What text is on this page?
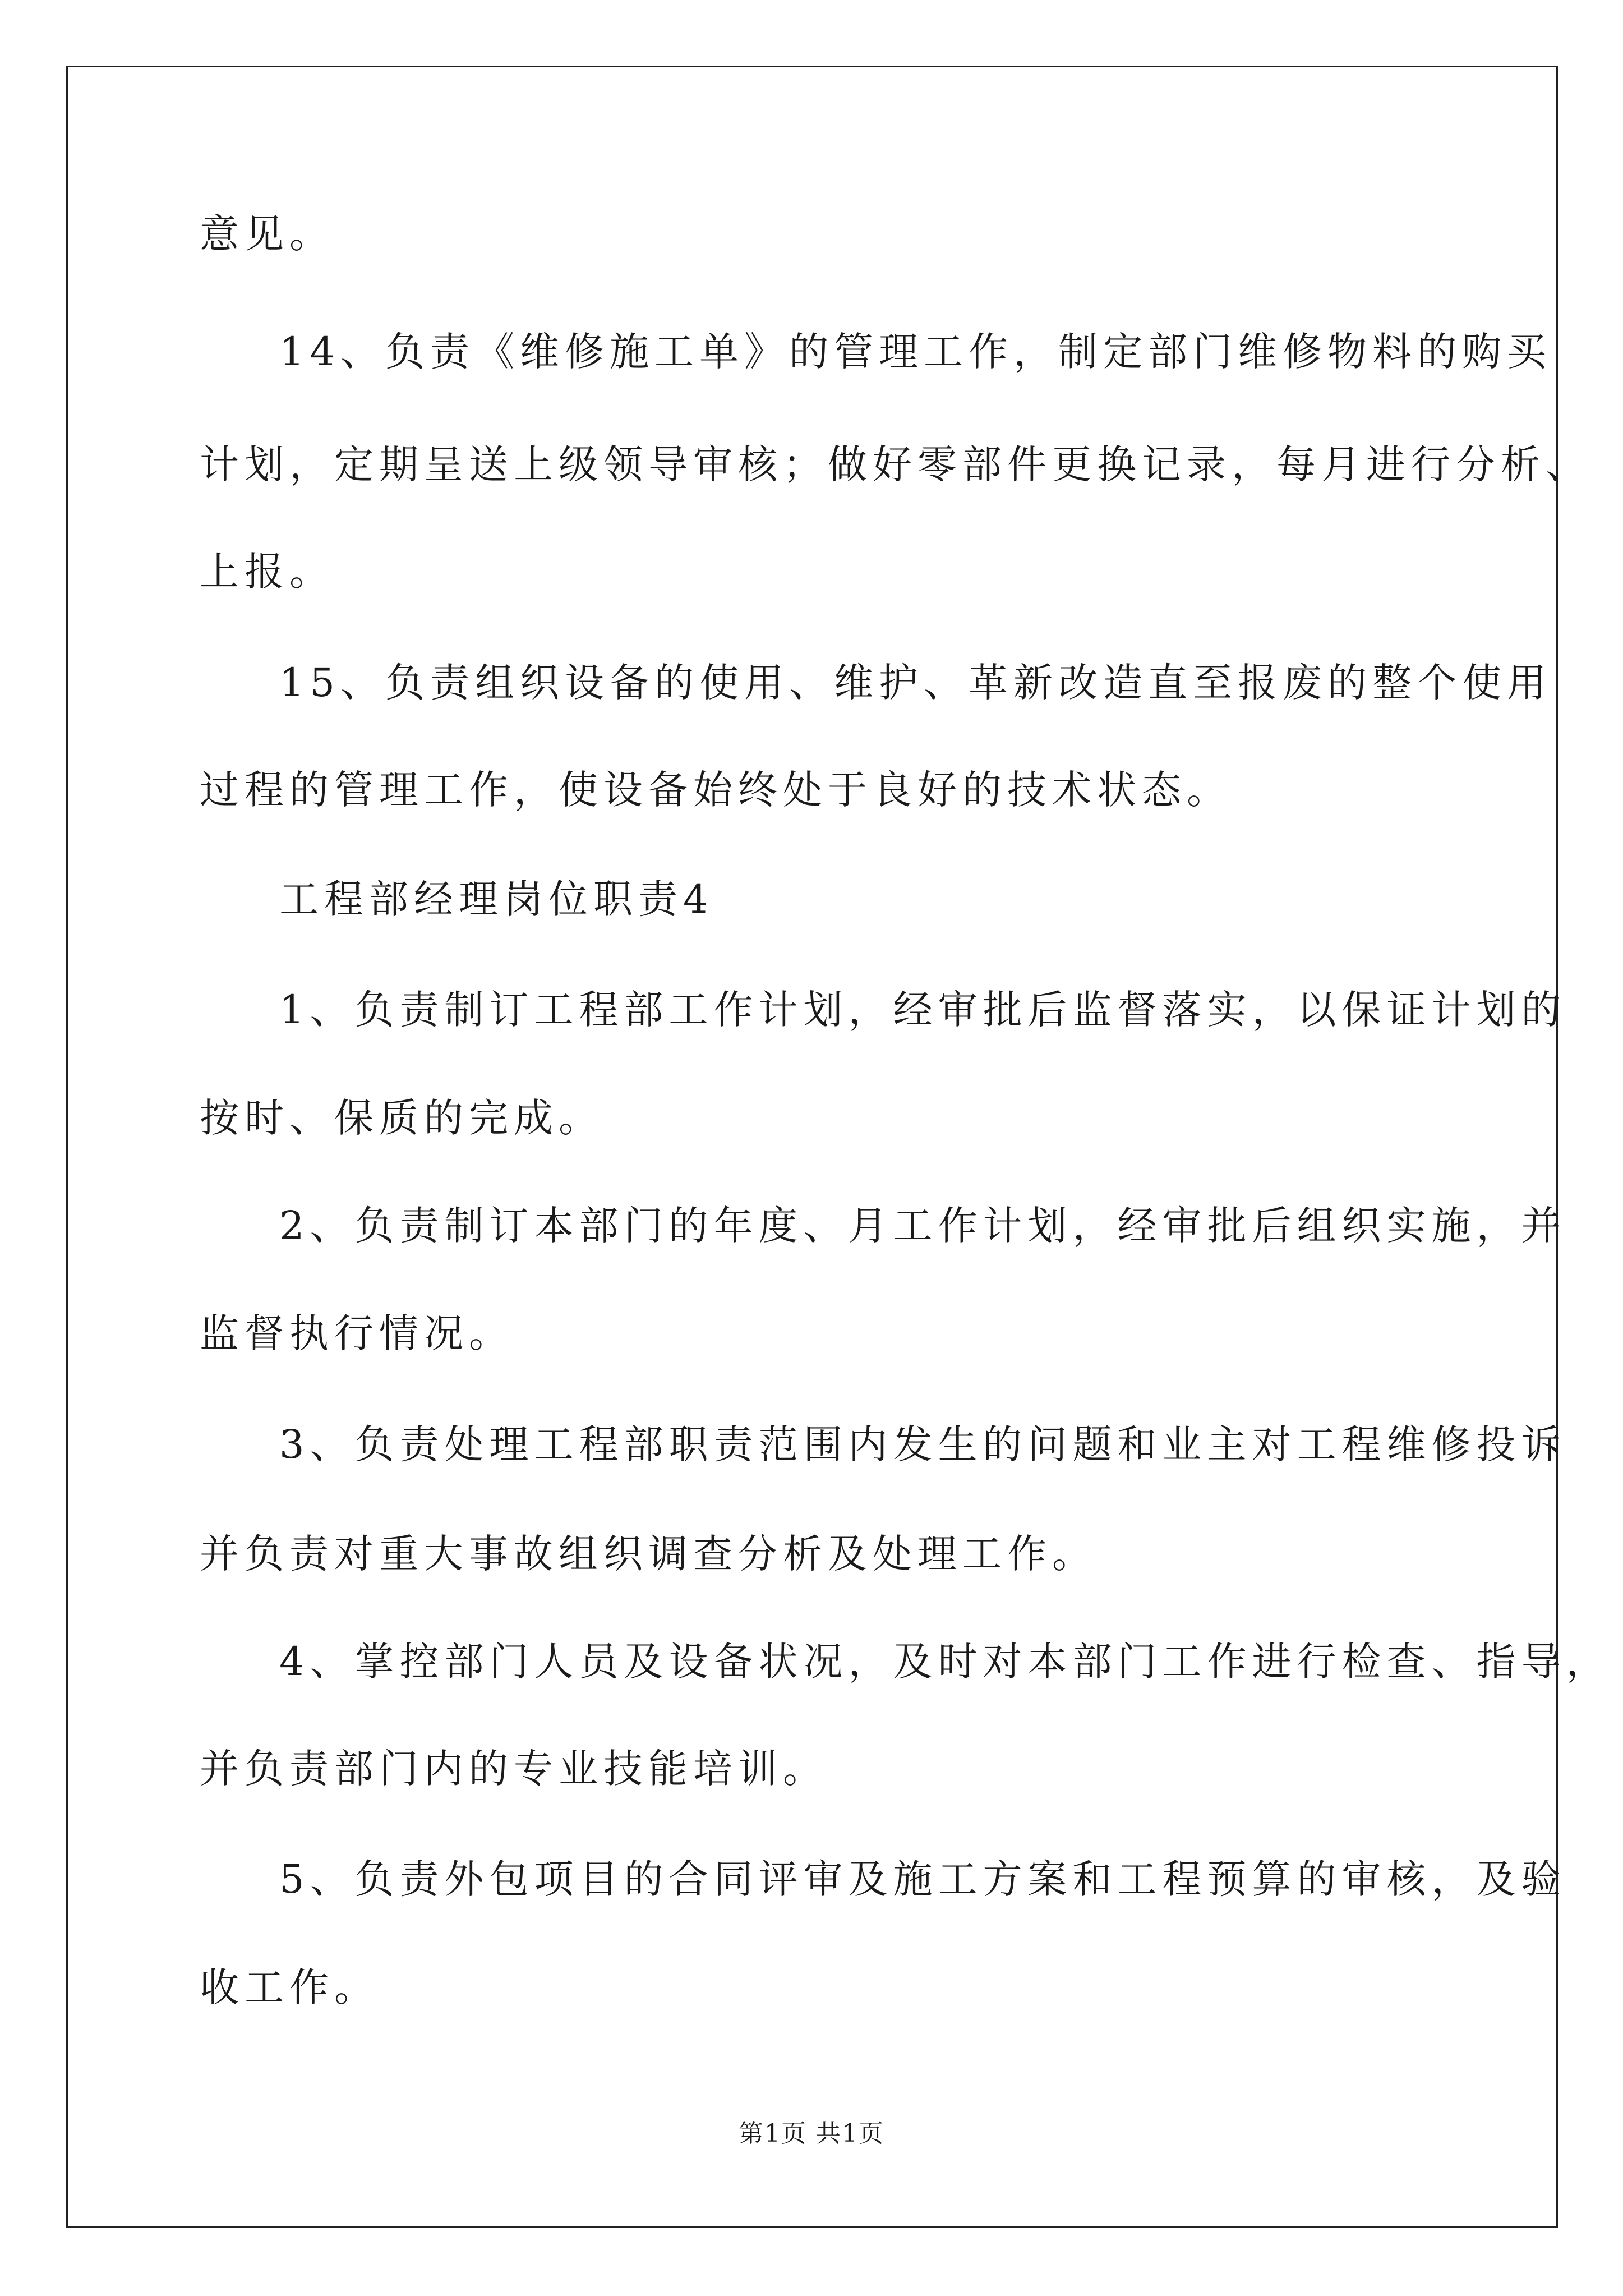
意见。
14、负责《维修施工单》的管理工作，制定部门维修物料的购买
计划，定期呈送上级领导审核；做好零部件更换记录，每月进行分析、
上报。
15、负责组织设备的使用、维护、革新改造直至报废的整个使用
过程的管理工作，使设备始终处于良好的技术状态。
工程部经理岗位职责4
1、负责制订工程部工作计划，经审批后监督落实，以保证计划的
按时、保质的完成。
2、负责制订本部门的年度、月工作计划，经审批后组织实施，并
监督执行情况。
3、负责处理工程部职责范围内发生的问题和业主对工程维修投诉
并负责对重大事故组织调查分析及处理工作。
4、掌控部门人员及设备状况，及时对本部门工作进行检查、指导，
并负责部门内的专业技能培训。
5、负责外包项目的合同评审及施工方案和工程预算的审核，及验
收工作。
第1页 共1页
